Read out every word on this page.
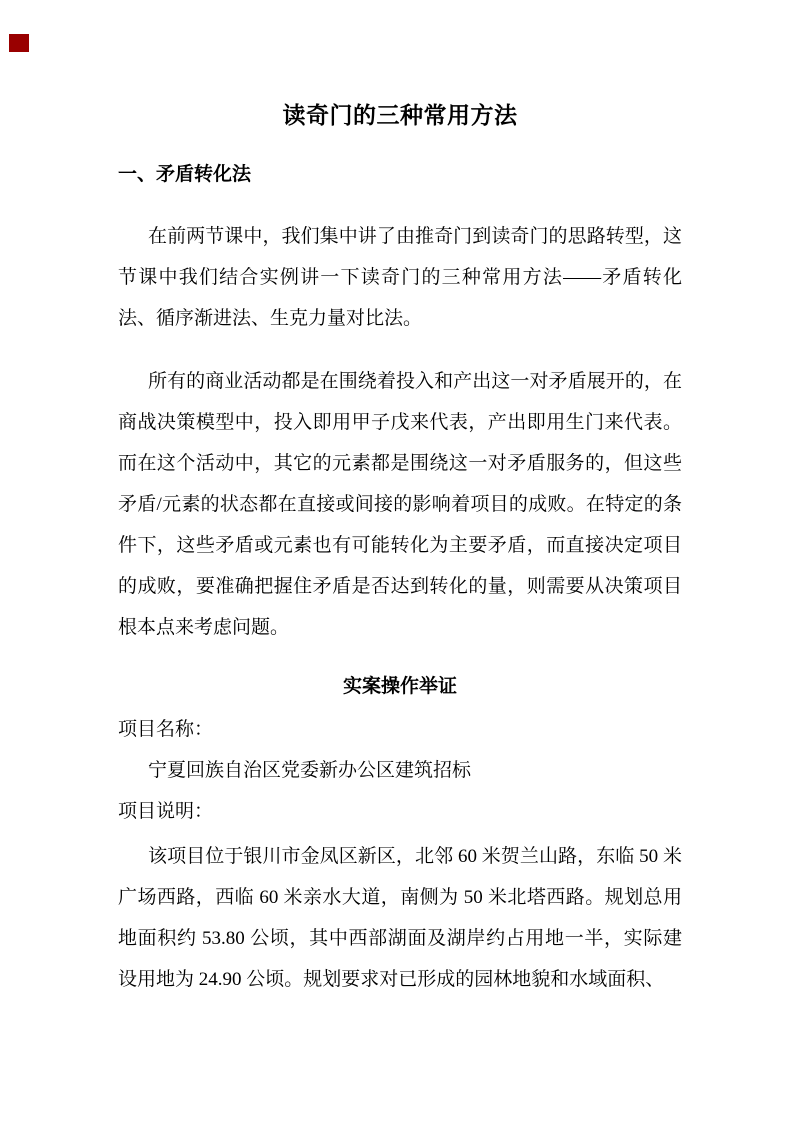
读奇门的三种常用方法
一、矛盾转化法
在前两节课中，我们集中讲了由推奇门到读奇门的思路转型，这节课中我们结合实例讲一下读奇门的三种常用方法——矛盾转化法、循序渐进法、生克力量对比法。
所有的商业活动都是在围绕着投入和产出这一对矛盾展开的，在商战决策模型中，投入即用甲子戊来代表，产出即用生门来代表。而在这个活动中，其它的元素都是围绕这一对矛盾服务的，但这些矛盾/元素的状态都在直接或间接的影响着项目的成败。在特定的条件下，这些矛盾或元素也有可能转化为主要矛盾，而直接决定项目的成败，要准确把握住矛盾是否达到转化的量，则需要从决策项目根本点来考虑问题。
实案操作举证
项目名称：
宁夏回族自治区党委新办公区建筑招标
项目说明：
该项目位于银川市金凤区新区，北邻 60 米贺兰山路，东临 50 米广场西路，西临 60 米亲水大道，南侧为 50 米北塔西路。规划总用地面积约 53.80 公顷，其中西部湖面及湖岸约占用地一半，实际建设用地为 24.90 公顷。规划要求对已形成的园林地貌和水域面积、
